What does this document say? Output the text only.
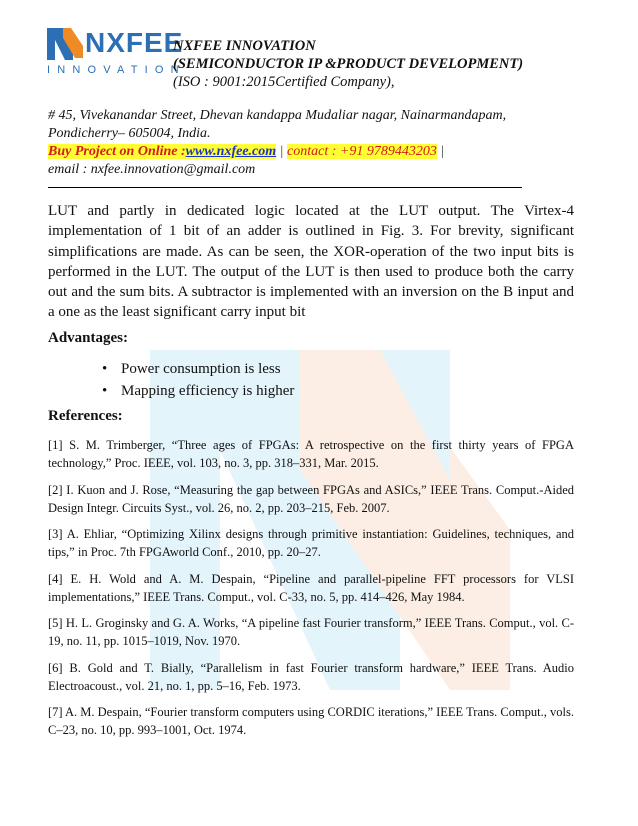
NXFEE
INNOVATION
NXFEE INNOVATION
(SEMICONDUCTOR IP &PRODUCT DEVELOPMENT)
(ISO : 9001:2015Certified Company),
# 45, Vivekanandar Street, Dhevan kandappa Mudaliar nagar, Nainarmandapam,
Pondicherry– 605004, India.
Buy Project on Online :www.nxfee.com | contact : +91 9789443203 |
email : nxfee.innovation@gmail.com
LUT and partly in dedicated logic located at the LUT output. The Virtex-4 implementation of 1 bit of an adder is outlined in Fig. 3. For brevity, significant simplifications are made. As can be seen, the XOR-operation of the two input bits is performed in the LUT. The output of the LUT is then used to produce both the carry out and the sum bits. A subtractor is implemented with an inversion on the B input and a one as the least significant carry input bit
Advantages:
• Power consumption is less
• Mapping efficiency is higher
References:
[1] S. M. Trimberger, “Three ages of FPGAs: A retrospective on the first thirty years of FPGA technology,” Proc. IEEE, vol. 103, no. 3, pp. 318–331, Mar. 2015.
[2] I. Kuon and J. Rose, “Measuring the gap between FPGAs and ASICs,” IEEE Trans. Comput.-Aided Design Integr. Circuits Syst., vol. 26, no. 2, pp. 203–215, Feb. 2007.
[3] A. Ehliar, “Optimizing Xilinx designs through primitive instantiation: Guidelines, techniques, and tips,” in Proc. 7th FPGAworld Conf., 2010, pp. 20–27.
[4] E. H. Wold and A. M. Despain, “Pipeline and parallel-pipeline FFT processors for VLSI implementations,” IEEE Trans. Comput., vol. C-33, no. 5, pp. 414–426, May 1984.
[5] H. L. Groginsky and G. A. Works, “A pipeline fast Fourier transform,” IEEE Trans. Comput., vol. C-19, no. 11, pp. 1015–1019, Nov. 1970.
[6] B. Gold and T. Bially, “Parallelism in fast Fourier transform hardware,” IEEE Trans. Audio Electroacoust., vol. 21, no. 1, pp. 5–16, Feb. 1973.
[7] A. M. Despain, “Fourier transform computers using CORDIC iterations,” IEEE Trans. Comput., vols. C–23, no. 10, pp. 993–1001, Oct. 1974.
